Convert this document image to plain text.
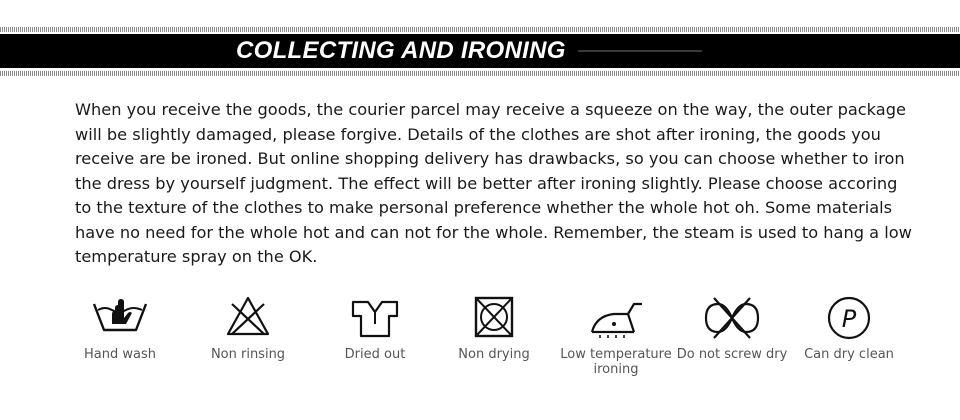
COLLECTING AND IRONING

When you receive the goods, the courier parcel may receive a squeeze on the way, the outer package will be slightly damaged, please forgive. Details of the clothes are shot after ironing, the goods you receive are be ironed. But online shopping delivery has drawbacks, so you can choose whether to iron the dress by yourself judgment. The effect will be better after ironing slightly. Please choose accoring to the texture of the clothes to make personal preference whether the whole hot oh. Some materials have no need for the whole hot and can not for the whole. Remember, the steam is used to hang a low temperature spray on the OK.

Hand wash	Non rinsing	Dried out	Non drying	Low temperature ironing
Do not screw dry
P
Can dry clean
